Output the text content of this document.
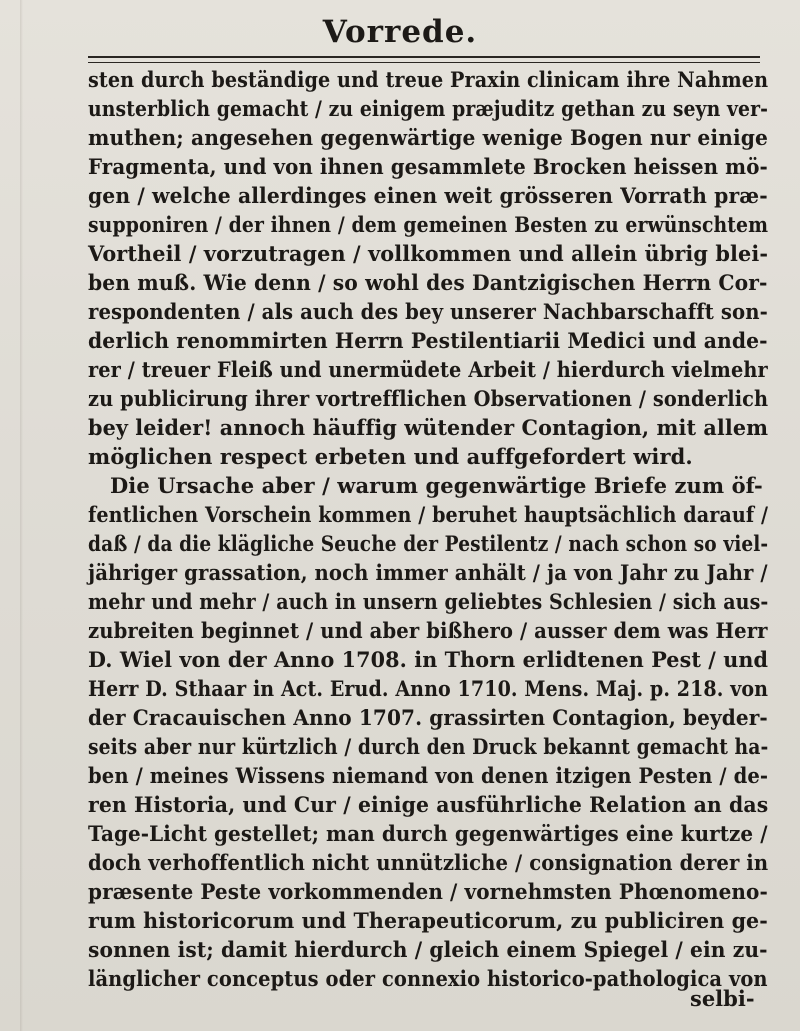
Vorrede.
sten durch beständige und treue Praxin clinicam ihre Nahmen
unsterblich gemacht / zu einigem præjuditz gethan zu seyn ver-
muthen; angesehen gegenwärtige wenige Bogen nur einige
Fragmenta, und von ihnen gesammlete Brocken heissen mö-
gen / welche allerdinges einen weit grösseren Vorrath præ-
supponiren / der ihnen / dem gemeinen Besten zu erwünschtem
Vortheil / vorzutragen / vollkommen und allein übrig blei-
ben muß. Wie denn / so wohl des Dantzigischen Herrn Cor-
respondenten / als auch des bey unserer Nachbarschafft son-
derlich renommirten Herrn Pestilentiarii Medici und ande-
rer / treuer Fleiß und unermüdete Arbeit / hierdurch vielmehr
zu publicirung ihrer vortrefflichen Observationen / sonderlich
bey leider! annoch häuffig wütender Contagion, mit allem
möglichen respect erbeten und auffgefordert wird.
Die Ursache aber / warum gegenwärtige Briefe zum öf-
fentlichen Vorschein kommen / beruhet hauptsächlich darauf /
daß / da die klägliche Seuche der Pestilentz / nach schon so viel-
jähriger grassation, noch immer anhält / ja von Jahr zu Jahr /
mehr und mehr / auch in unsern geliebtes Schlesien / sich aus-
zubreiten beginnet / und aber bißhero / ausser dem was Herr
D. Wiel von der Anno 1708. in Thorn erlidtenen Pest / und
Herr D. Sthaar in Act. Erud. Anno 1710. Mens. Maj. p. 218. von
der Cracauischen Anno 1707. grassirten Contagion, beyder-
seits aber nur kürtzlich / durch den Druck bekannt gemacht ha-
ben / meines Wissens niemand von denen itzigen Pesten / de-
ren Historia, und Cur / einige ausführliche Relation an das
Tage-Licht gestellet; man durch gegenwärtiges eine kurtze /
doch verhoffentlich nicht unnützliche / consignation derer in
præsente Peste vorkommenden / vornehmsten Phœnomeno-
rum historicorum und Therapeuticorum, zu publiciren ge-
sonnen ist; damit hierdurch / gleich einem Spiegel / ein zu-
länglicher conceptus oder connexio historico-pathologica von
selbi-
